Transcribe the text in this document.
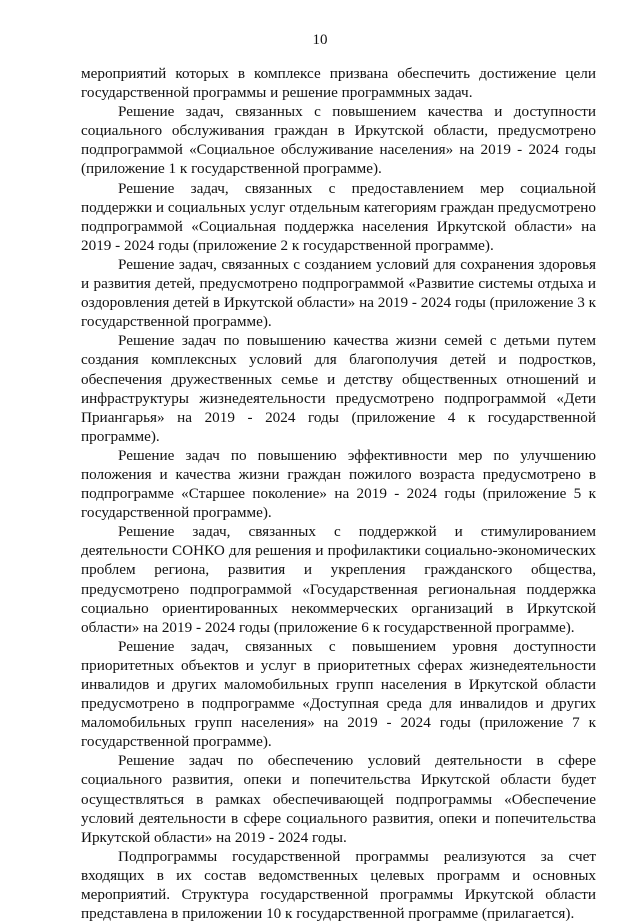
10

мероприятий которых в комплексе призвана обеспечить достижение цели государственной программы и решение программных задач.

Решение задач, связанных с повышением качества и доступности социального обслуживания граждан в Иркутской области, предусмотрено подпрограммой «Социальное обслуживание населения» на 2019 - 2024 годы (приложение 1 к государственной программе).

Решение задач, связанных с предоставлением мер социальной поддержки и социальных услуг отдельным категориям граждан предусмотрено подпрограммой «Социальная поддержка населения Иркутской области» на 2019 - 2024 годы (приложение 2 к государственной программе).

Решение задач, связанных с созданием условий для сохранения здоровья и развития детей, предусмотрено подпрограммой «Развитие системы отдыха и оздоровления детей в Иркутской области» на 2019 - 2024 годы (приложение 3 к государственной программе).

Решение задач по повышению качества жизни семей с детьми путем создания комплексных условий для благополучия детей и подростков, обеспечения дружественных семье и детству общественных отношений и инфраструктуры жизнедеятельности предусмотрено подпрограммой «Дети Приангарья» на 2019 - 2024 годы (приложение 4 к государственной программе).

Решение задач по повышению эффективности мер по улучшению положения и качества жизни граждан пожилого возраста предусмотрено в подпрограмме «Старшее поколение» на 2019 - 2024 годы (приложение 5 к государственной программе).

Решение задач, связанных с поддержкой и стимулированием деятельности СОНКО для решения и профилактики социально-экономических проблем региона, развития и укрепления гражданского общества, предусмотрено подпрограммой «Государственная региональная поддержка социально ориентированных некоммерческих организаций в Иркутской области» на 2019 - 2024 годы (приложение 6 к государственной программе).

Решение задач, связанных с повышением уровня доступности приоритетных объектов и услуг в приоритетных сферах жизнедеятельности инвалидов и других маломобильных групп населения в Иркутской области предусмотрено в подпрограмме «Доступная среда для инвалидов и других маломобильных групп населения» на 2019 - 2024 годы (приложение 7 к государственной программе).

Решение задач по обеспечению условий деятельности в сфере социального развития, опеки и попечительства Иркутской области будет осуществляться в рамках обеспечивающей подпрограммы «Обеспечение условий деятельности в сфере социального развития, опеки и попечительства Иркутской области» на 2019 - 2024 годы.

Подпрограммы государственной программы реализуются за счет входящих в их состав ведомственных целевых программ и основных мероприятий. Структура государственной программы Иркутской области представлена в приложении 10 к государственной программе (прилагается).
